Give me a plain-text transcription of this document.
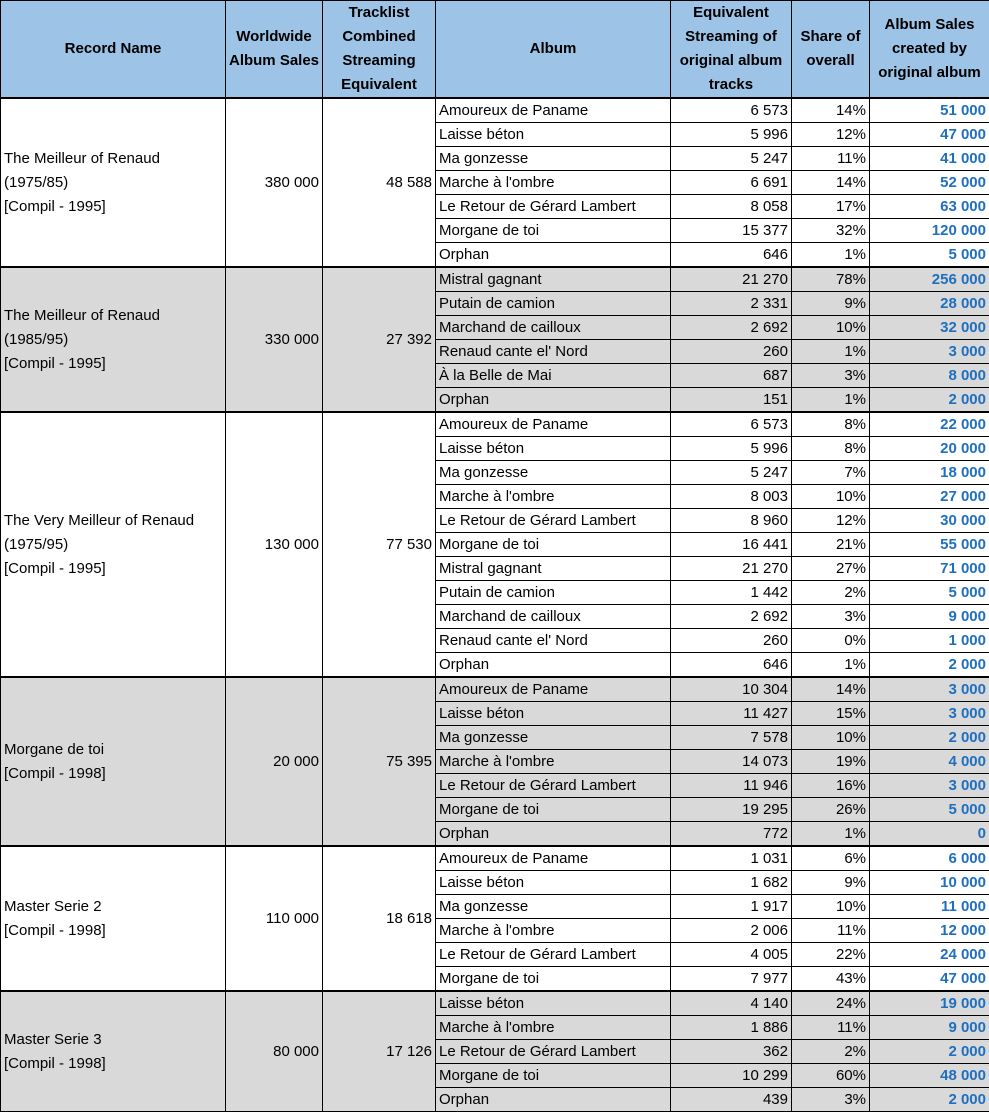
Record Name	Worldwide Album Sales	Tracklist Combined Streaming Equivalent	Album	Equivalent Streaming of original album tracks	Share of overall	Album Sales created by original album

The Meilleur of Renaud
(1975/85)
[Compil - 1995]	380 000	48 588	Amoureux de Paname	6 573	14%	51 000
			Laisse béton	5 996	12%	47 000
			Ma gonzesse	5 247	11%	41 000
			Marche à l'ombre	6 691	14%	52 000
			Le Retour de Gérard Lambert	8 058	17%	63 000
			Morgane de toi	15 377	32%	120 000
			Orphan	646	1%	5 000

The Meilleur of Renaud
(1985/95)
[Compil - 1995]	330 000	27 392	Mistral gagnant	21 270	78%	256 000
			Putain de camion	2 331	9%	28 000
			Marchand de cailloux	2 692	10%	32 000
			Renaud cante el' Nord	260	1%	3 000
			À la Belle de Mai	687	3%	8 000
			Orphan	151	1%	2 000

The Very Meilleur of Renaud
(1975/95)
[Compil - 1995]	130 000	77 530	Amoureux de Paname	6 573	8%	22 000
			Laisse béton	5 996	8%	20 000
			Ma gonzesse	5 247	7%	18 000
			Marche à l'ombre	8 003	10%	27 000
			Le Retour de Gérard Lambert	8 960	12%	30 000
			Morgane de toi	16 441	21%	55 000
			Mistral gagnant	21 270	27%	71 000
			Putain de camion	1 442	2%	5 000
			Marchand de cailloux	2 692	3%	9 000
			Renaud cante el' Nord	260	0%	1 000
			Orphan	646	1%	2 000

Morgane de toi
[Compil - 1998]	20 000	75 395	Amoureux de Paname	10 304	14%	3 000
			Laisse béton	11 427	15%	3 000
			Ma gonzesse	7 578	10%	2 000
			Marche à l'ombre	14 073	19%	4 000
			Le Retour de Gérard Lambert	11 946	16%	3 000
			Morgane de toi	19 295	26%	5 000
			Orphan	772	1%	0

Master Serie 2
[Compil - 1998]	110 000	18 618	Amoureux de Paname	1 031	6%	6 000
			Laisse béton	1 682	9%	10 000
			Ma gonzesse	1 917	10%	11 000
			Marche à l'ombre	2 006	11%	12 000
			Le Retour de Gérard Lambert	4 005	22%	24 000
			Morgane de toi	7 977	43%	47 000

Master Serie 3
[Compil - 1998]	80 000	17 126	Laisse béton	4 140	24%	19 000
			Marche à l'ombre	1 886	11%	9 000
			Le Retour de Gérard Lambert	362	2%	2 000
			Morgane de toi	10 299	60%	48 000
			Orphan	439	3%	2 000
